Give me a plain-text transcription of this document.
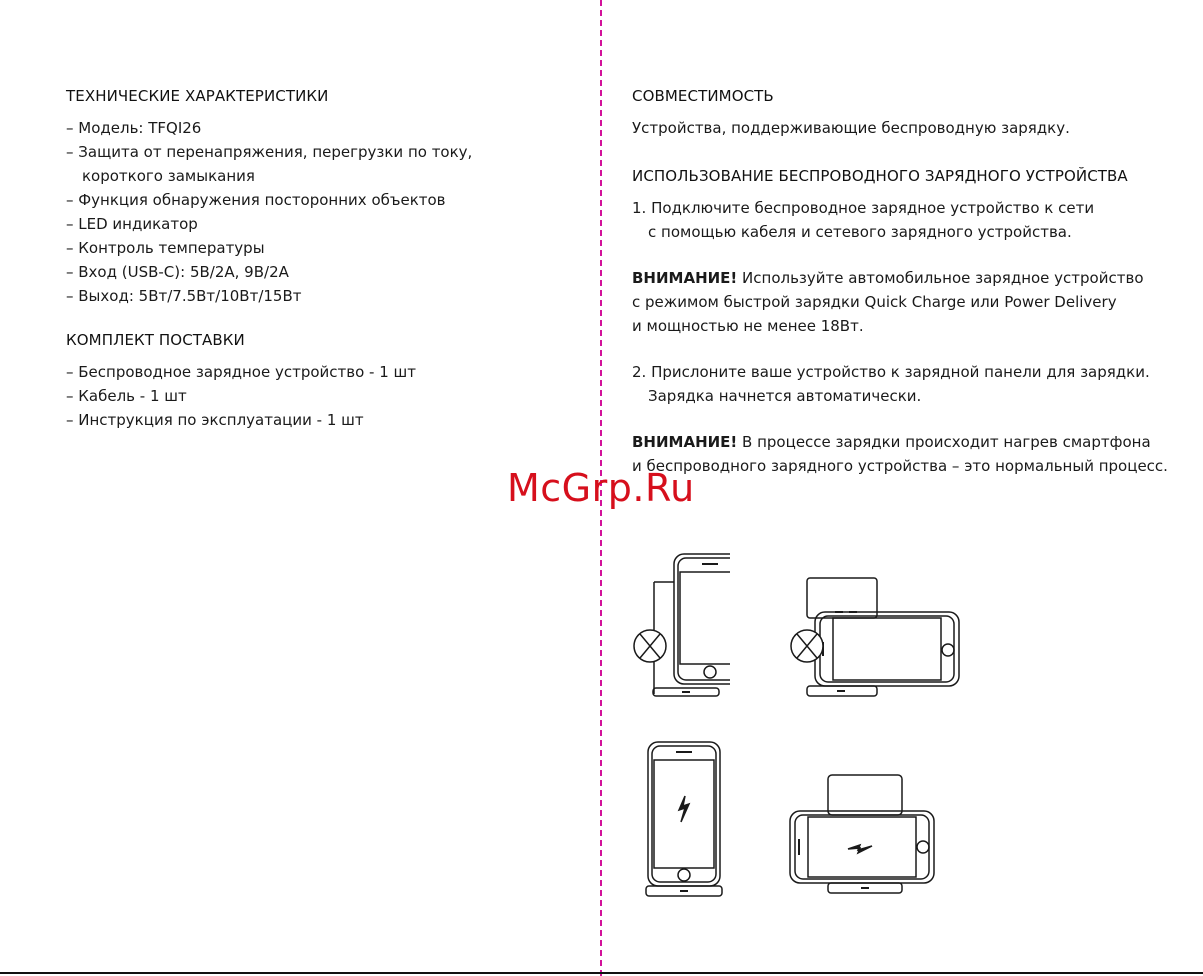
ТЕХНИЧЕСКИЕ ХАРАКТЕРИСТИКИ
– Модель: TFQI26
– Защита от перенапряжения, перегрузки по току,
короткого замыкания
– Функция обнаружения посторонних объектов
– LED индикатор
– Контроль температуры
– Вход (USB-C): 5В/2А, 9В/2А
– Выход: 5Вт/7.5Вт/10Вт/15Вт
КОМПЛЕКТ ПОСТАВКИ
– Беспроводное зарядное устройство - 1 шт
– Кабель - 1 шт
– Инструкция по эксплуатации - 1 шт
СОВМЕСТИМОСТЬ

Устройства, поддерживающие беспроводную зарядку.

ИСПОЛЬЗОВАНИЕ БЕСПРОВОДНОГО ЗАРЯДНОГО УСТРОЙСТВА

1. Подключите беспроводное зарядное устройство к сети
с помощью кабеля и сетевого зарядного устройства.

ВНИМАНИЕ! Используйте автомобильное зарядное устройство
с режимом быстрой зарядки Quick Charge или Power Delivery
и мощностью не менее 18Вт.

2. Прислоните ваше устройство к зарядной панели для зарядки.
Зарядка начнется автоматически.

ВНИМАНИЕ! В процессе зарядки происходит нагрев смартфона
и беспроводного зарядного устройства – это нормальный процесс.

McGrp.Ru
